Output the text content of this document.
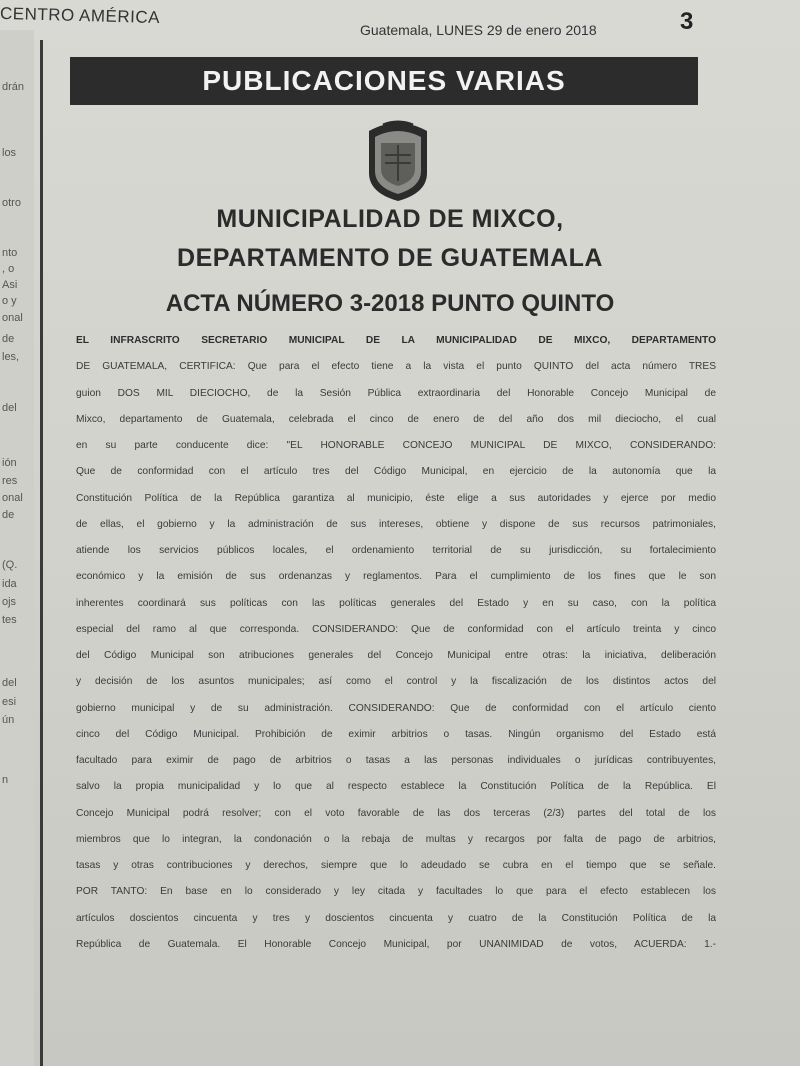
CENTRO AMÉRICA
Guatemala, LUNES 29 de enero 2018	3
drán
los
otro
nto
, o
Asi
o y
onal
de
les,
del
ión
res
onal
de
(Q.
ida
ojs
tes
del
esi
ún
n
PUBLICACIONES VARIAS
MUNICIPALIDAD DE MIXCO,
DEPARTAMENTO DE GUATEMALA
ACTA NÚMERO 3-2018 PUNTO QUINTO
EL INFRASCRITO SECRETARIO MUNICIPAL DE LA MUNICIPALIDAD DE MIXCO, DEPARTAMENTO
DE GUATEMALA, CERTIFICA: Que para el efecto tiene a la vista el punto QUINTO del acta número TRES
guion DOS MIL DIECIOCHO, de la Sesión Pública extraordinaria del Honorable Concejo Municipal de
Mixco, departamento de Guatemala, celebrada el cinco de enero de del año dos mil dieciocho, el cual
en su parte conducente dice: "EL HONORABLE CONCEJO MUNICIPAL DE MIXCO, CONSIDERANDO:
Que de conformidad con el artículo tres del Código Municipal, en ejercicio de la autonomía que la
Constitución Política de la República garantiza al municipio, éste elige a sus autoridades y ejerce por medio
de ellas, el gobierno y la administración de sus intereses, obtiene y dispone de sus recursos patrimoniales,
atiende los servicios públicos locales, el ordenamiento territorial de su jurisdicción, su fortalecimiento
económico y la emisión de sus ordenanzas y reglamentos. Para el cumplimiento de los fines que le son
inherentes coordinará sus políticas con las políticas generales del Estado y en su caso, con la política
especial del ramo al que corresponda. CONSIDERANDO: Que de conformidad con el artículo treinta y cinco
del Código Municipal son atribuciones generales del Concejo Municipal entre otras: la iniciativa, deliberación
y decisión de los asuntos municipales; así como el control y la fiscalización de los distintos actos del
gobierno municipal y de su administración. CONSIDERANDO: Que de conformidad con el artículo ciento
cinco del Código Municipal. Prohibición de eximir arbitrios o tasas. Ningún organismo del Estado está
facultado para eximir de pago de arbitrios o tasas a las personas individuales o jurídicas contribuyentes,
salvo la propia municipalidad y lo que al respecto establece la Constitución Política de la República. El
Concejo Municipal podrá resolver; con el voto favorable de las dos terceras (2/3) partes del total de los
miembros que lo integran, la condonación o la rebaja de multas y recargos por falta de pago de arbitrios,
tasas y otras contribuciones y derechos, siempre que lo adeudado se cubra en el tiempo que se señale.
POR TANTO: En base en lo considerado y ley citada y facultades lo que para el efecto establecen los
artículos doscientos cincuenta y tres y doscientos cincuenta y cuatro de la Constitución Política de la
República de Guatemala. El Honorable Concejo Municipal, por UNANIMIDAD de votos, ACUERDA: 1.-
